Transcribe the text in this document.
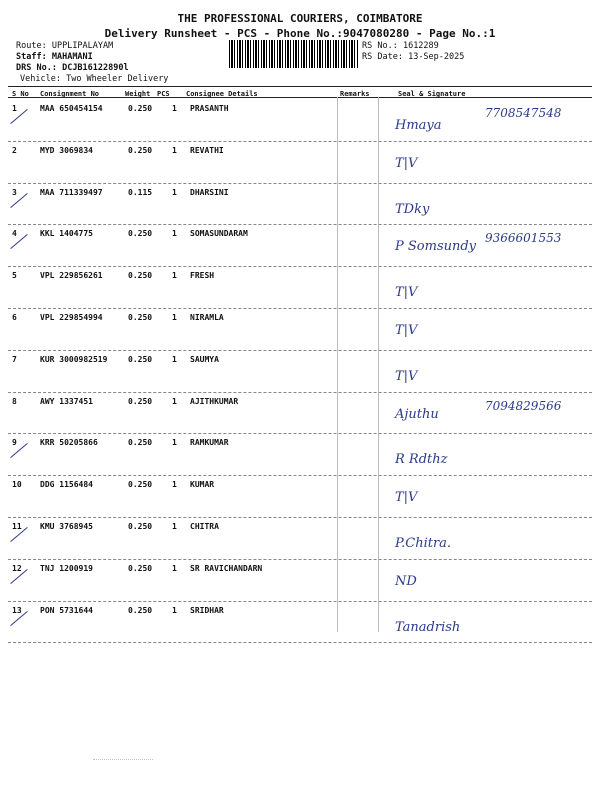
THE PROFESSIONAL COURIERS, COIMBATORE
Delivery Runsheet - PCS - Phone No.:9047080280 - Page No.:1
Route: UPPLIPALAYAM
Staff: MAHAMANI
DRS No.: DCJB16122890l
Vehicle: Two Wheeler Delivery
RS No.: 1612289
RS Date: 13-Sep-2025
S No Consignment No	Weight PCS Consignee Details	Remarks	Seal & Signature
1	MAA 650454154	0.250 1 PRASANTH
Hmaya
7708547548
2	MYD 3069834	0.250 1 REVATHI
T|V
3	MAA 711339497	0.115 1 DHARSINI
TDky
4	KKL 1404775	0.250 1 SOMASUNDARAM
P Somsundy
9366601553
5	VPL 229856261	0.250 1 FRESH
T|V
6	VPL 229854994	0.250 1 NIRAMLA
T|V
7	KUR 3000982519	0.250 1 SAUMYA
T|V
8	AWY 1337451	0.250 1 AJITHKUMAR
Ajuthu
7094829566
9	KRR 50205866	0.250 1 RAMKUMAR
R Rdthz
10 DDG 1156484	0.250 1 KUMAR
T|V
11 KMU 3768945	0.250 1 CHITRA
P.Chitra.
12 TNJ 1200919	0.250 1 SR RAVICHANDARN
ND
13 PON 5731644	0.250 1 SRIDHAR
Tanadrish
